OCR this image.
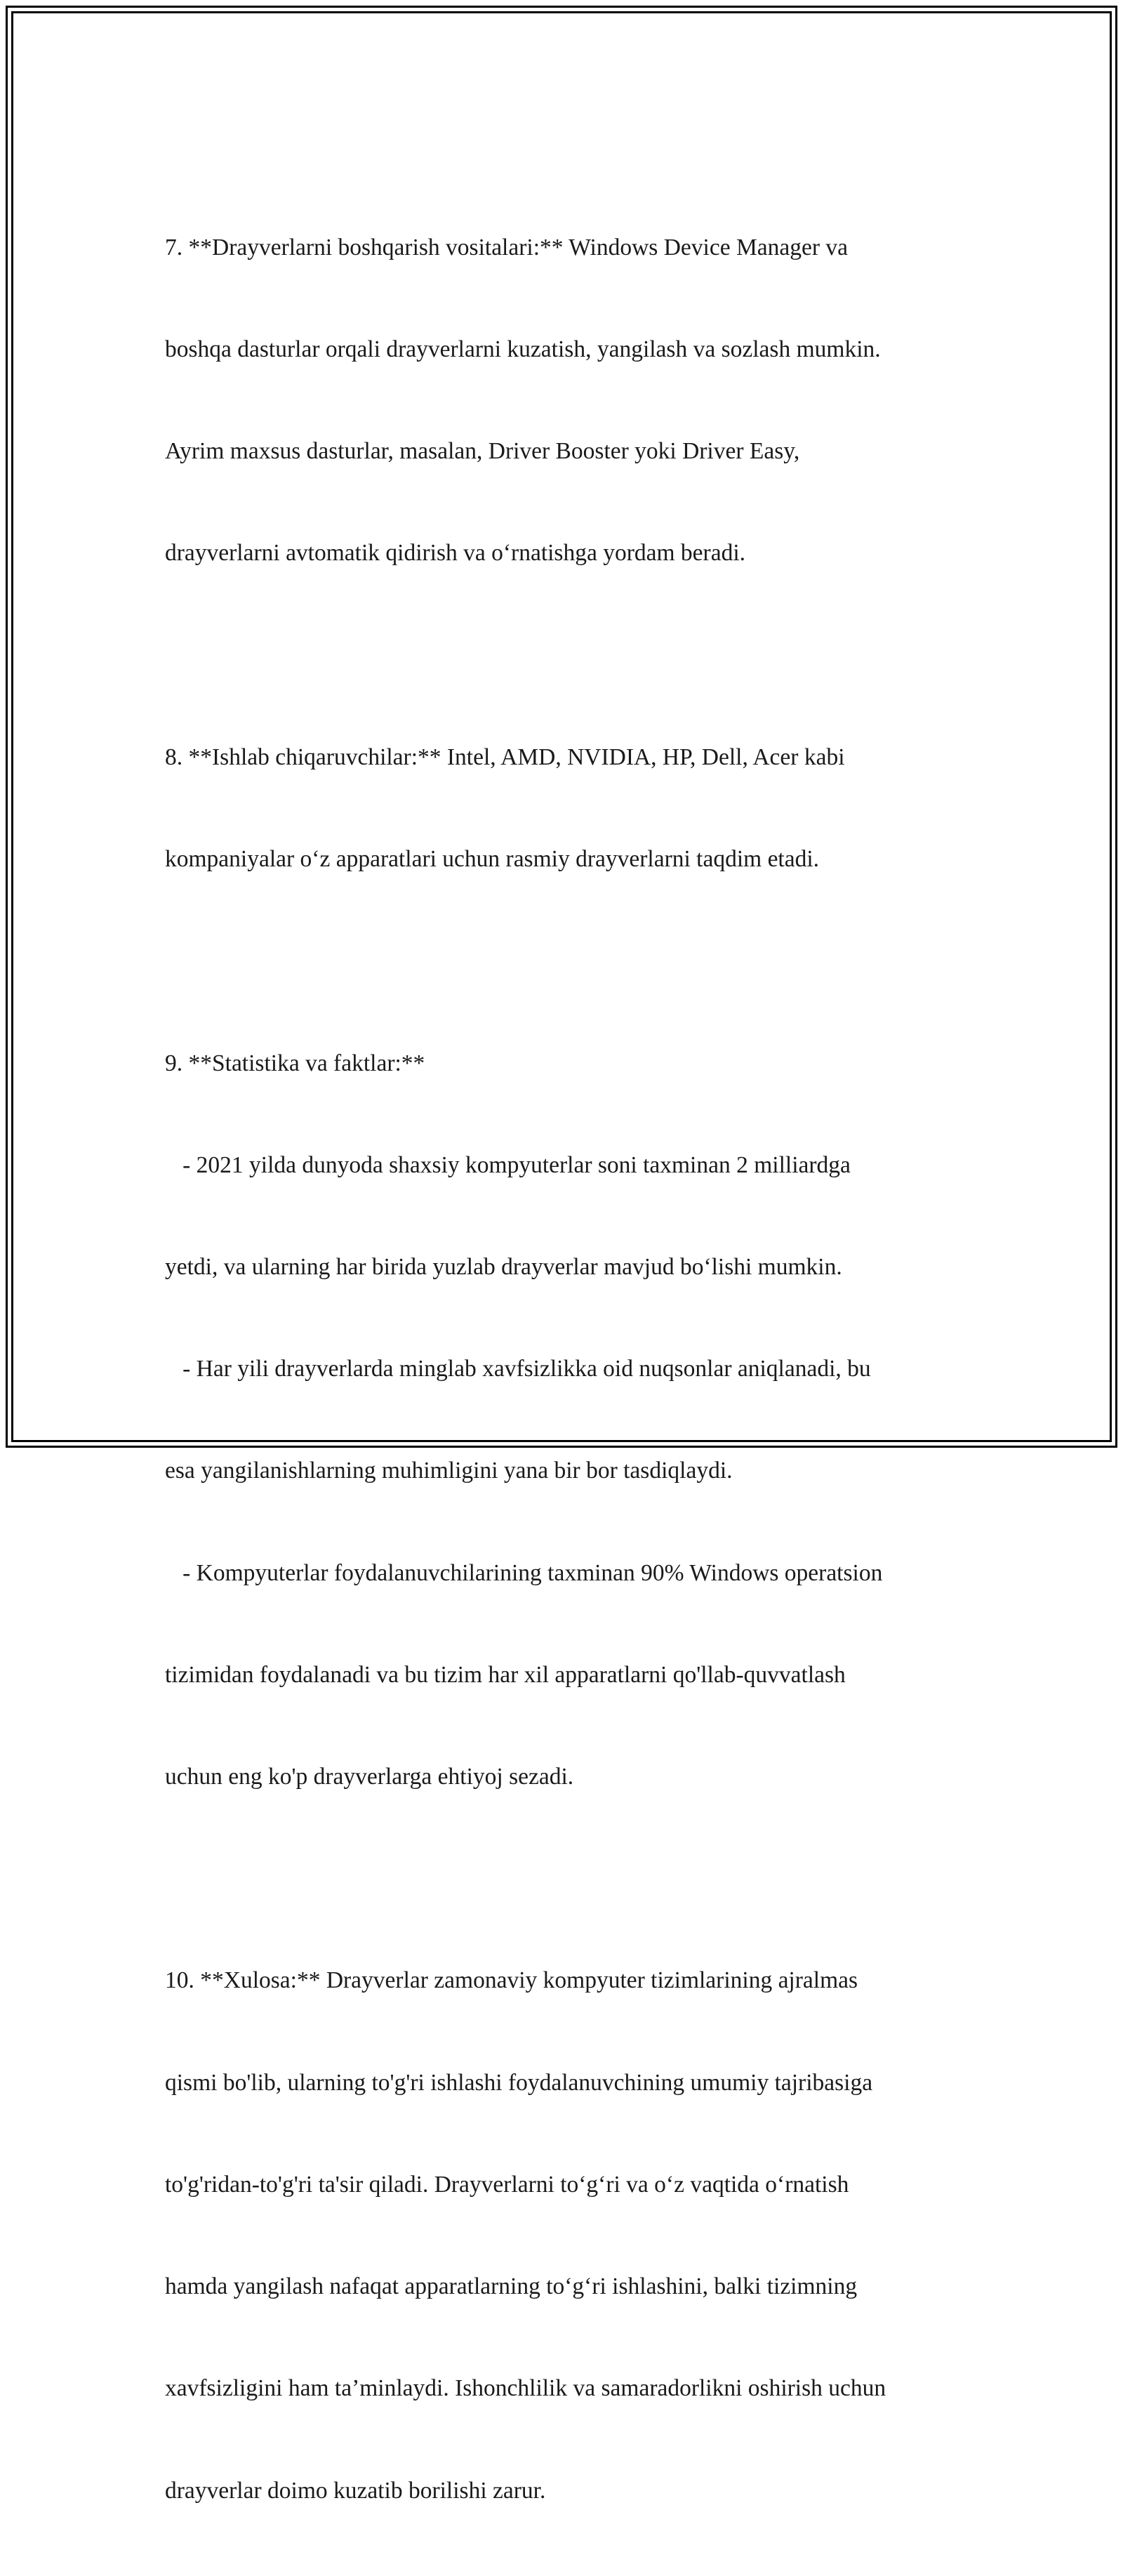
7. **Drayverlarni boshqarish vositalari:** Windows Device Manager va

boshqa dasturlar orqali drayverlarni kuzatish, yangilash va sozlash mumkin.

Ayrim maxsus dasturlar, masalan, Driver Booster yoki Driver Easy,

drayverlarni avtomatik qidirish va o‘rnatishga yordam beradi.

8. **Ishlab chiqaruvchilar:** Intel, AMD, NVIDIA, HP, Dell, Acer kabi

kompaniyalar o‘z apparatlari uchun rasmiy drayverlarni taqdim etadi.

9. **Statistika va faktlar:**

- 2021 yilda dunyoda shaxsiy kompyuterlar soni taxminan 2 milliardga

yetdi, va ularning har birida yuzlab drayverlar mavjud bo‘lishi mumkin.

- Har yili drayverlarda minglab xavfsizlikka oid nuqsonlar aniqlanadi, bu

esa yangilanishlarning muhimligini yana bir bor tasdiqlaydi.

- Kompyuterlar foydalanuvchilarining taxminan 90% Windows operatsion

tizimidan foydalanadi va bu tizim har xil apparatlarni qo'llab-quvvatlash

uchun eng ko'p drayverlarga ehtiyoj sezadi.

10. **Xulosa:** Drayverlar zamonaviy kompyuter tizimlarining ajralmas

qismi bo'lib, ularning to'g'ri ishlashi foydalanuvchining umumiy tajribasiga

to'g'ridan-to'g'ri ta'sir qiladi. Drayverlarni to‘g‘ri va o‘z vaqtida o‘rnatish

hamda yangilash nafaqat apparatlarning to‘g‘ri ishlashini, balki tizimning

xavfsizligini ham ta’minlaydi. Ishonchlilik va samaradorlikni oshirish uchun

drayverlar doimo kuzatib borilishi zarur.
